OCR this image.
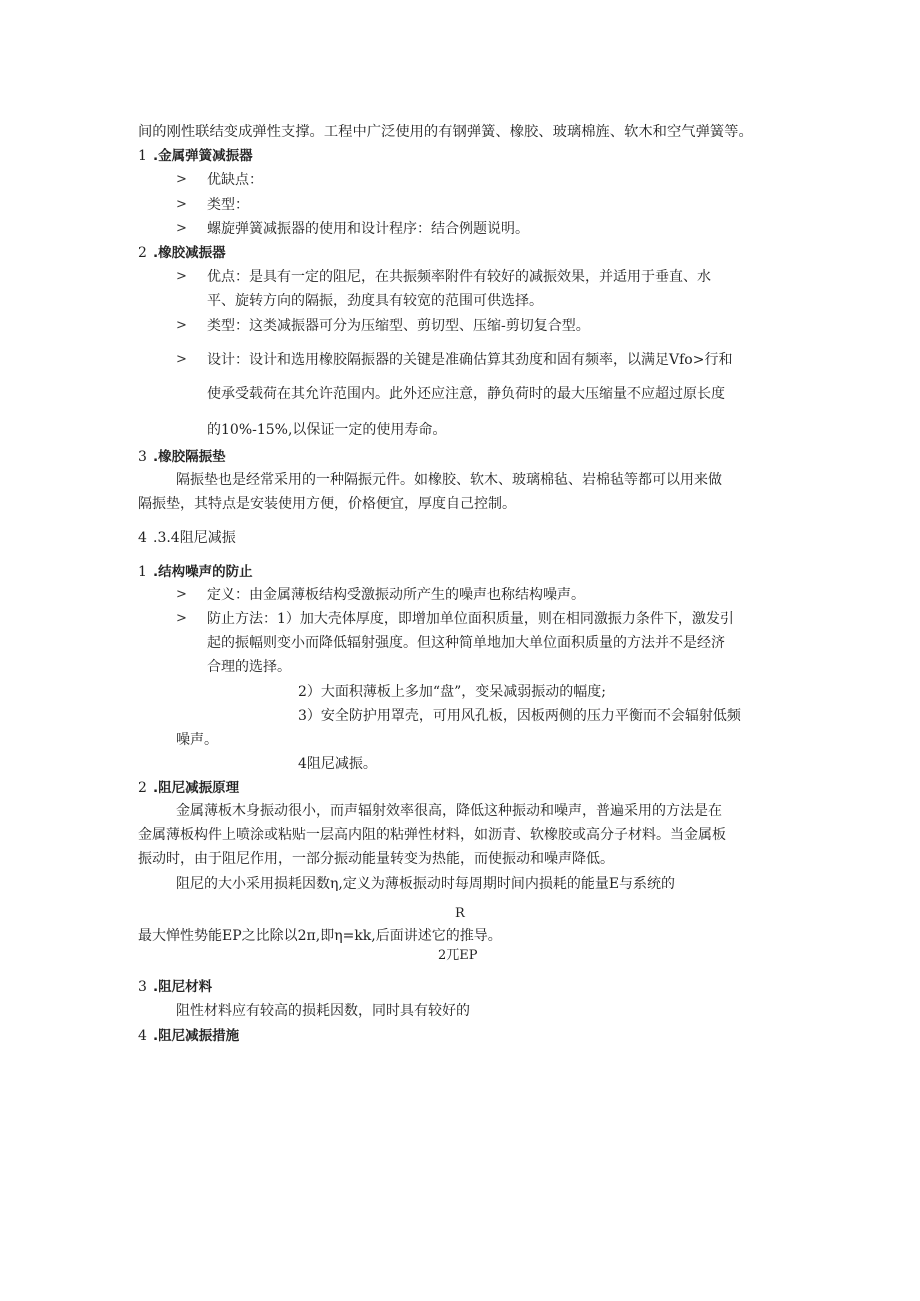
间的刚性联结变成弹性支撑。工程中广泛使用的有钢弹簧、橡胶、玻璃棉旌、软木和空气弹簧等。
1 .金属弹簧减振器
> 优缺点：
> 类型：
> 螺旋弹簧减振器的使用和设计程序：结合例题说明。
2 .橡胶减振器
> 优点：是具有一定的阻尼，在共振频率附件有较好的减振效果，并适用于垂直、水
平、旋转方向的隔振，劲度具有较宽的范围可供选择。
> 类型：这类减振器可分为压缩型、剪切型、压缩-剪切复合型。
> 设计：设计和选用橡胶隔振器的关键是准确估算其劲度和固有频率，以满足Vfo>行和
使承受载荷在其允许范围内。此外还应注意，静负荷时的最大压缩量不应超过原长度
的10%-15%,以保证一定的使用寿命。
3 .橡胶隔振垫
隔振垫也是经常采用的一种隔振元件。如橡胶、软木、玻璃棉毡、岩棉毡等都可以用来做
隔振垫，其特点是安装使用方便，价格便宜，厚度自己控制。
4 .3.4阻尼减振
1 .结构噪声的防止
> 定义：由金属薄板结构受激振动所产生的噪声也称结构噪声。
> 防止方法：1）加大壳体厚度，即增加单位面积质量，则在相同激振力条件下，激发引
起的振幅则变小而降低辐射强度。但这种简单地加大单位面积质量的方法并不是经济
合理的选择。
2）大面积薄板上多加“盘”，变呆减弱振动的幅度;
3）安全防护用罩壳，可用风孔板，因板两侧的压力平衡而不会辐射低频
噪声。
4阻尼减振。
2 .阻尼减振原理
金属薄板木身振动很小，而声辐射效率很高，降低这种振动和噪声，普遍采用的方法是在
金属薄板构件上喷涂或粘贴一层高内阻的粘弹性材料，如沥青、软橡胶或高分子材料。当金属板
振动时，由于阻尼作用，一部分振动能量转变为热能，而使振动和噪声降低。
阻尼的大小采用损耗因数η,定义为薄板振动时每周期时间内损耗的能量E与系统的
R
最大惮性势能EP之比除以2π,即η=kk,后面讲述它的推导。
2兀EP
3 .阻尼材料
阻性材料应有较高的损耗因数，同时具有较好的
4 .阻尼减振措施
